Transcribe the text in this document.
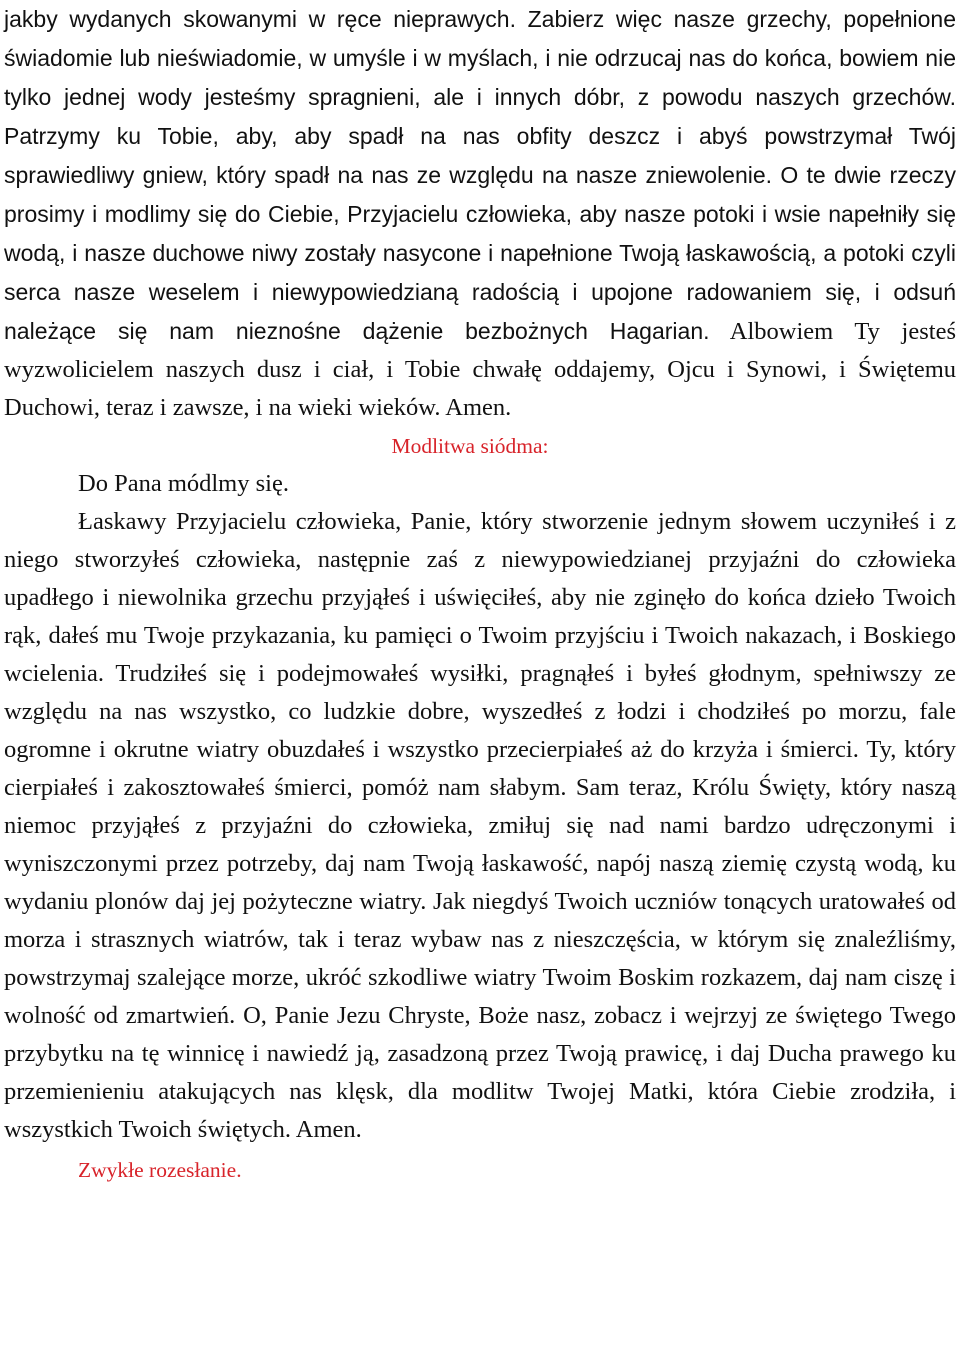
jakby wydanych skowanymi w ręce nieprawych. Zabierz więc nasze grzechy, popełnione świadomie lub nieświadomie, w umyśle i w myślach, i nie odrzucaj nas do końca, bowiem nie tylko jednej wody jesteśmy spragnieni, ale i innych dóbr, z powodu naszych grzechów. Patrzymy ku Tobie, aby, aby spadł na nas obfity deszcz i abyś powstrzymał Twój sprawiedliwy gniew, który spadł na nas ze względu na nasze zniewolenie. O te dwie rzeczy prosimy i modlimy się do Ciebie, Przyjacielu człowieka, aby nasze potoki i wsie napełniły się wodą, i nasze duchowe niwy zostały nasycone i napełnione Twoją łaskawością, a potoki czyli serca nasze weselem i niewypowiedzianą radością i upojone radowaniem się, i odsuń należące się nam nieznośne dążenie bezbożnych Hagarian. Albowiem Ty jesteś wyzwolicielem naszych dusz i ciał, i Tobie chwałę oddajemy, Ojcu i Synowi, i Świętemu Duchowi, teraz i zawsze, i na wieki wieków. Amen.

Modlitwa siódma:

Do Pana módlmy się.

Łaskawy Przyjacielu człowieka, Panie, który stworzenie jednym słowem uczyniłeś i z niego stworzyłeś człowieka, następnie zaś z niewypowiedzianej przyjaźni do człowieka upadłego i niewolnika grzechu przyjąłeś i uświęciłeś, aby nie zginęło do końca dzieło Twoich rąk, dałeś mu Twoje przykazania, ku pamięci o Twoim przyjściu i Twoich nakazach, i Boskiego wcielenia. Trudziłeś się i podejmowałeś wysiłki, pragnąłeś i byłeś głodnym, spełniwszy ze względu na nas wszystko, co ludzkie dobre, wyszedłeś z łodzi i chodziłeś po morzu, fale ogromne i okrutne wiatry obuzdałeś i wszystko przecierpiałeś aż do krzyża i śmierci. Ty, który cierpiałeś i zakosztowałeś śmierci, pomóż nam słabym. Sam teraz, Królu Święty, który naszą niemoc przyjąłeś z przyjaźni do człowieka, zmiłuj się nad nami bardzo udręczonymi i wyniszczonymi przez potrzeby, daj nam Twoją łaskawość, napój naszą ziemię czystą wodą, ku wydaniu plonów daj jej pożyteczne wiatry. Jak niegdyś Twoich uczniów tonących uratowałeś od morza i strasznych wiatrów, tak i teraz wybaw nas z nieszczęścia, w którym się znaleźliśmy, powstrzymaj szalejące morze, ukróć szkodliwe wiatry Twoim Boskim rozkazem, daj nam ciszę i wolność od zmartwień. O, Panie Jezu Chryste, Boże nasz, zobacz i wejrzyj ze świętego Twego przybytku na tę winnicę i nawiedź ją, zasadzoną przez Twoją prawicę, i daj Ducha prawego ku przemienieniu atakujących nas klęsk, dla modlitw Twojej Matki, która Ciebie zrodziła, i wszystkich Twoich świętych. Amen.

Zwykłe rozesłanie.
